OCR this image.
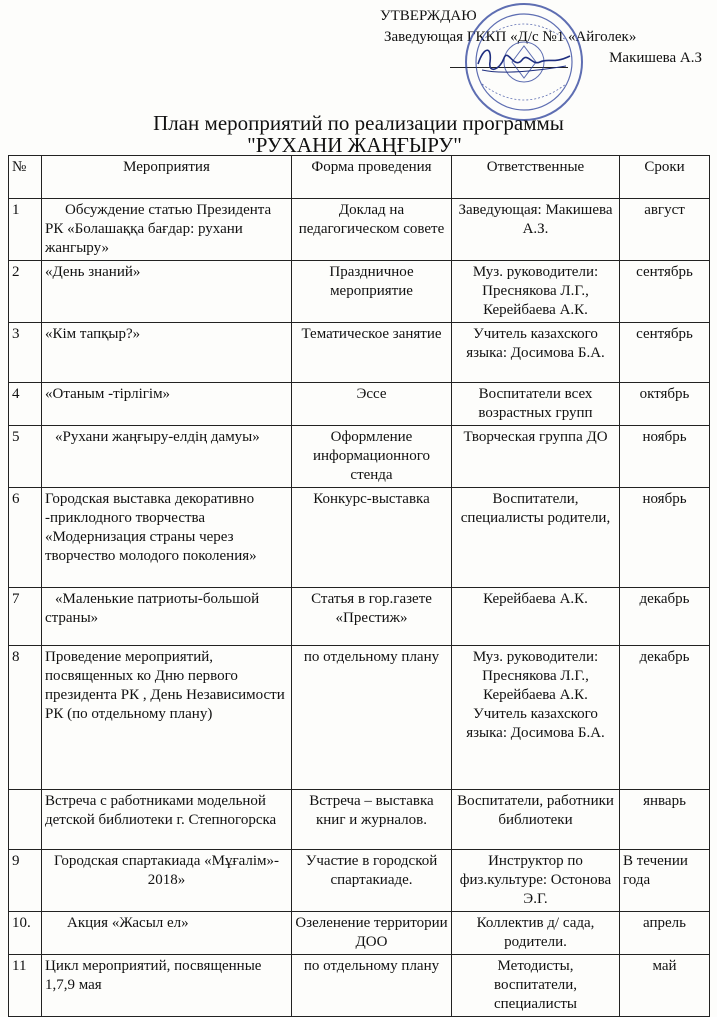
УТВЕРЖДАЮ
Заведующая ГККП «Д/с №1 «Айголек»
Макишева А.З
План мероприятий по реализации программы
"РУХАНИ ЖАҢҒЫРУ"
№	Мероприятия	Форма проведения	Ответственные	Сроки
1	Обсуждение статью Президента РК «Болашаққа бағдар: рухани жангыру»	Доклад на педагогическом совете	Заведующая: Макишева А.З.	август
2	«День знаний»	Праздничное мероприятие	Муз. руководители: Преснякова Л.Г., Керейбаева А.К.	сентябрь
3	«Кім тапқыр?»	Тематическое занятие	Учитель казахского языка: Досимова Б.А.	сентябрь
4	«Отаным -тірлігім»	Эссе	Воспитатели всех возрастных групп	октябрь
5	«Рухани жаңғыру-елдің дамуы»	Оформление информационного стенда	Творческая группа ДО	ноябрь
6	Городская выставка декоративно -приклодного творчества «Модернизация страны через творчество молодого поколения»	Конкурс-выставка	Воспитатели, специалисты родители,	ноябрь
7	«Маленькие патриоты-большой страны»	Статья в гор.газете «Престиж»	Керейбаева А.К.	декабрь
8	Проведение мероприятий, посвященных ко Дню первого президента РК , День Независимости РК (по отдельному плану)	по отдельному плану	Муз. руководители: Преснякова Л.Г., Керейбаева А.К. Учитель казахского языка: Досимова Б.А.	декабрь
	Встреча с работниками модельной детской библиотеки г. Степногорска	Встреча – выставка книг и журналов.	Воспитатели, работники библиотеки	январь
9	Городская спартакиада «Мұғалім»- 2018»	Участие в городской спартакиаде.	Инструктор по физ.культуре: Остонова Э.Г.	В течении года
10.	Акция «Жасыл ел»	Озеленение территории ДОО	Коллектив д/ сада, родители.	апрель
11	Цикл мероприятий, посвященные 1,7,9 мая	по отдельному плану	Методисты, воспитатели, специалисты	май
